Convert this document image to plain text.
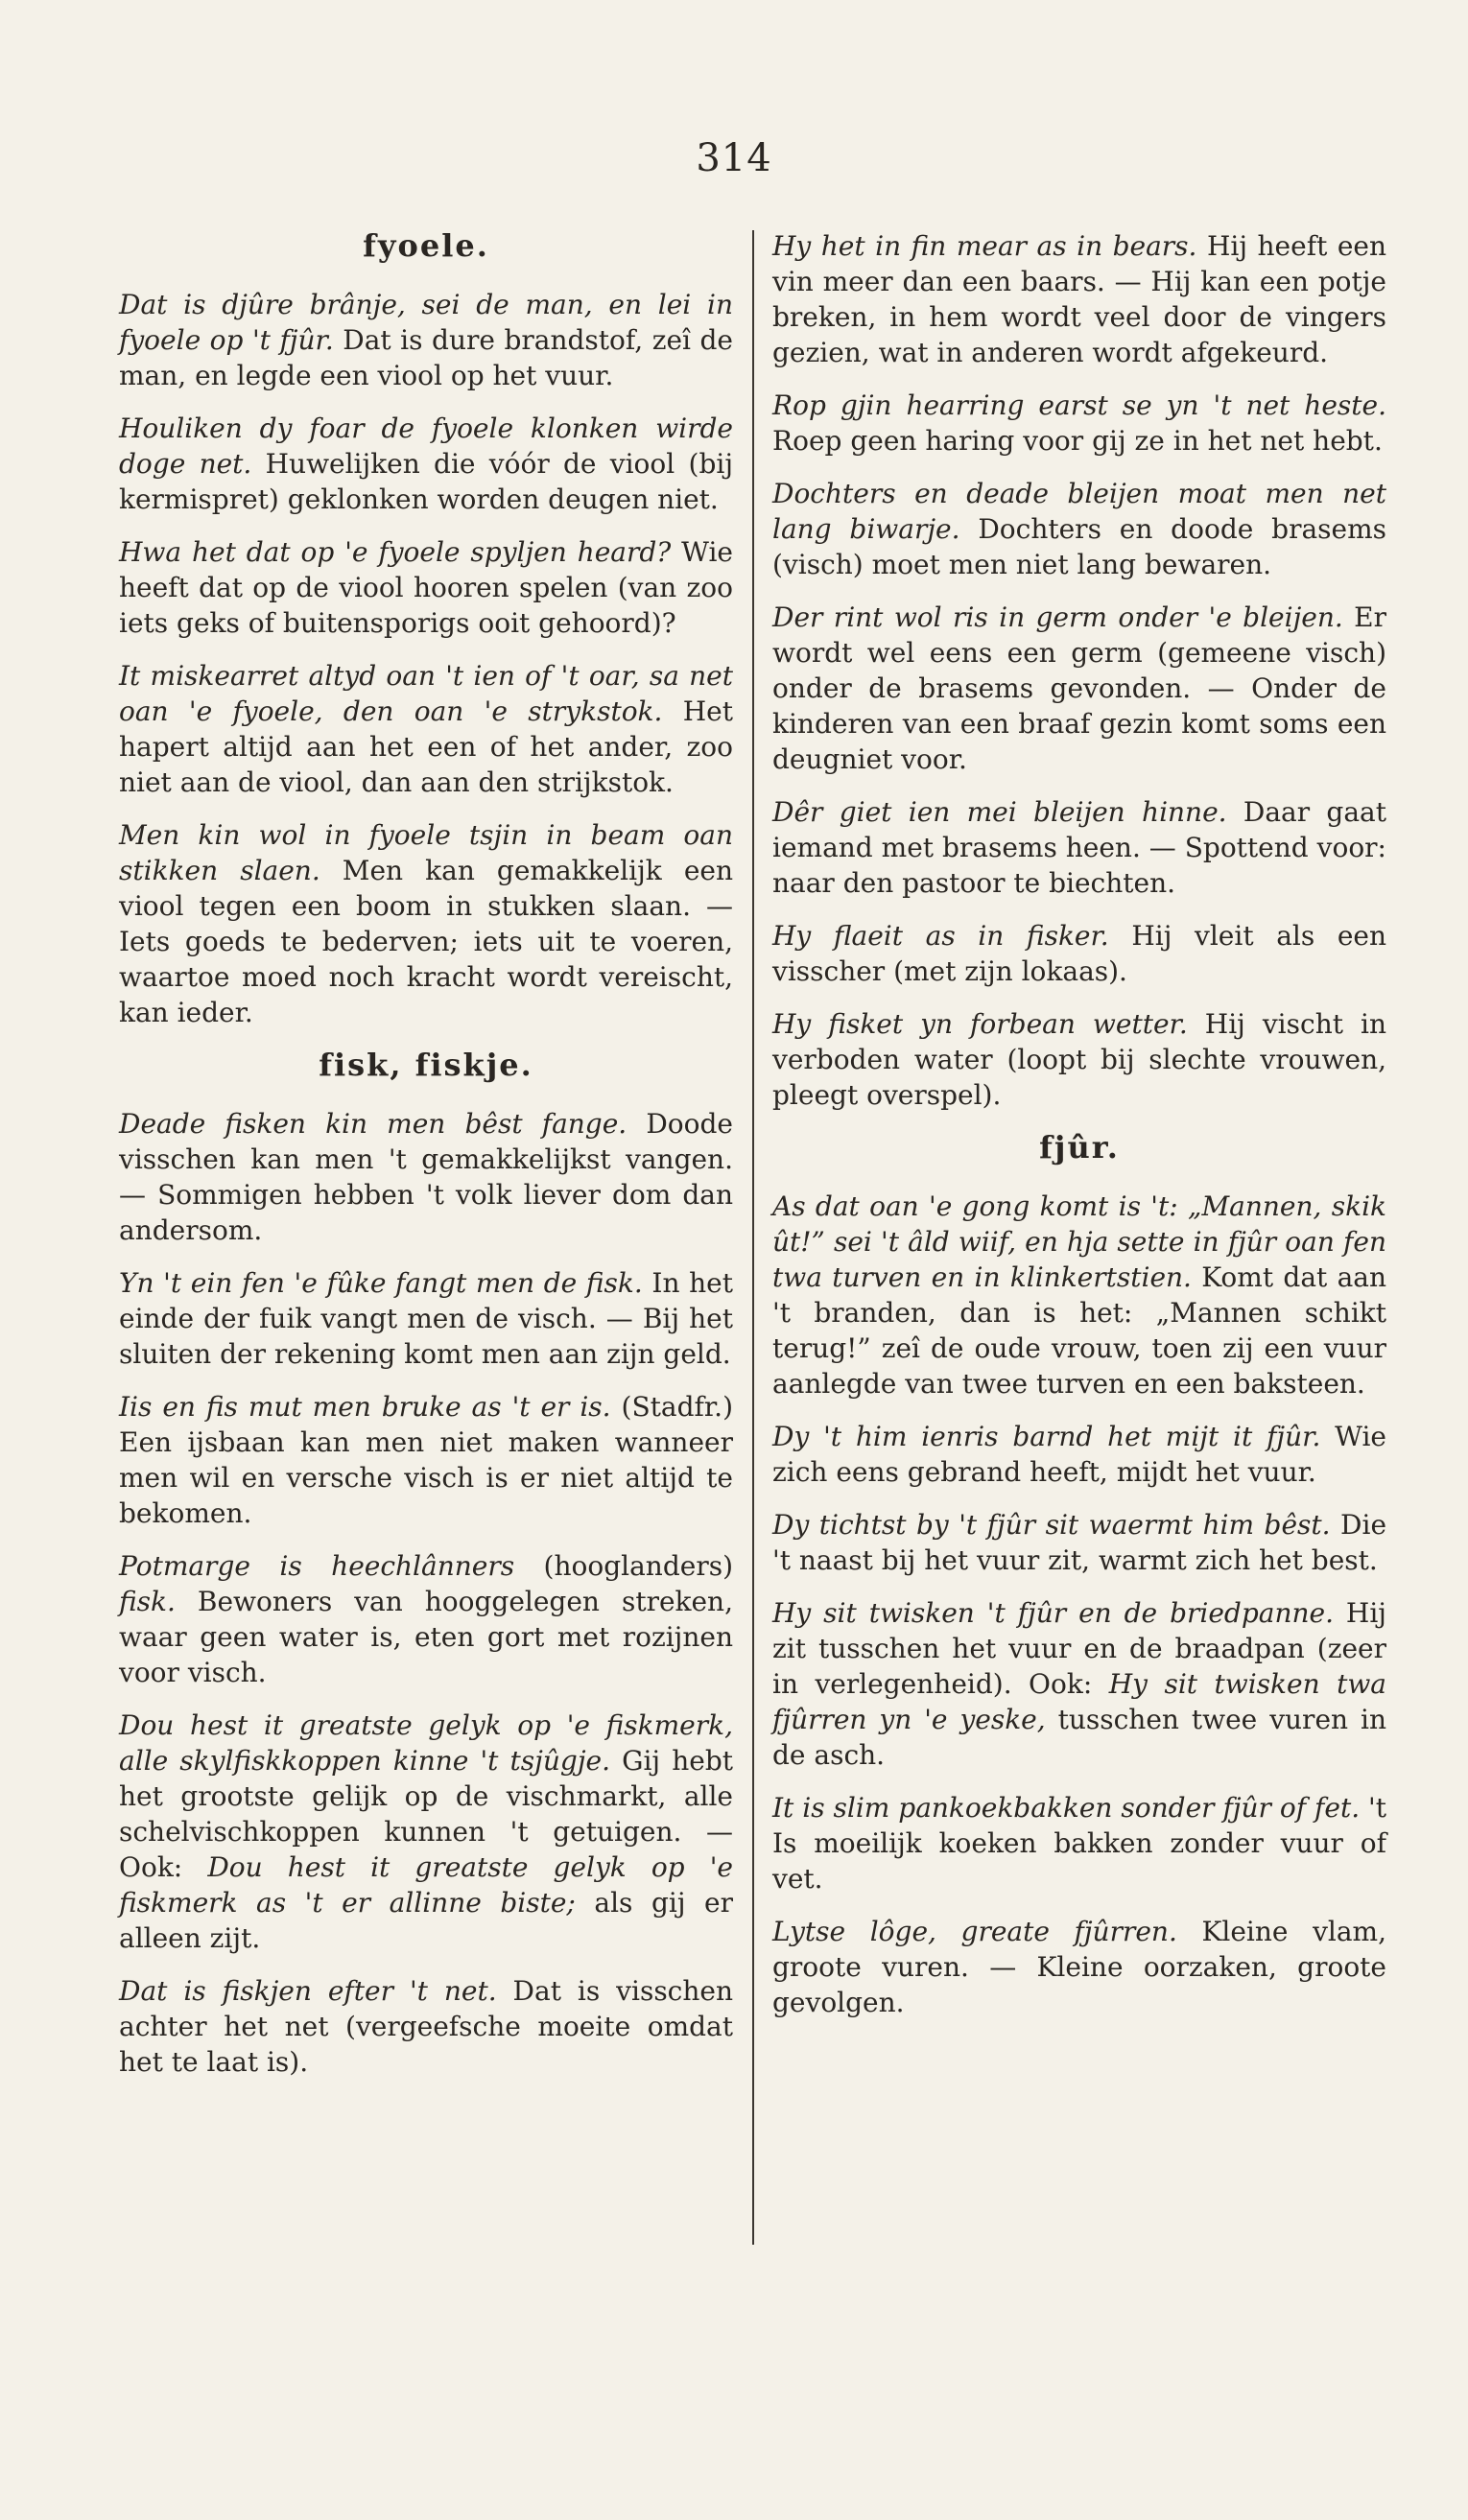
314
fyoele.
Dat is djûre brânje, sei de man, en lei in fyoele op 't fjûr. Dat is dure brandstof, zeî de man, en legde een viool op het vuur.
Houliken dy foar de fyoele klonken wirde doge net. Huwelijken die vóór de viool (bij kermispret) geklonken worden deugen niet.
Hwa het dat op 'e fyoele spyljen heard? Wie heeft dat op de viool hooren spelen (van zoo iets geks of buitensporigs ooit gehoord)?
It miskearret altyd oan 't ien of 't oar, sa net oan 'e fyoele, den oan 'e strykstok. Het hapert altijd aan het een of het ander, zoo niet aan de viool, dan aan den strijkstok.
Men kin wol in fyoele tsjin in beam oan stikken slaen. Men kan gemakkelijk een viool tegen een boom in stukken slaan. — Iets goeds te bederven; iets uit te voeren, waartoe moed noch kracht wordt vereischt, kan ieder.
fisk, fiskje.
Deade fisken kin men bêst fange. Doode visschen kan men 't gemakkelijkst vangen. — Sommigen hebben 't volk liever dom dan andersom.
Yn 't ein fen 'e fûke fangt men de fisk. In het einde der fuik vangt men de visch. — Bij het sluiten der rekening komt men aan zijn geld.
Iis en fis mut men bruke as 't er is. (Stadfr.) Een ijsbaan kan men niet maken wanneer men wil en versche visch is er niet altijd te bekomen.
Potmarge is heechlânners (hooglanders) fisk. Bewoners van hooggelegen streken, waar geen water is, eten gort met rozijnen voor visch.
Dou hest it greatste gelyk op 'e fiskmerk, alle skylfiskkoppen kinne 't tsjûgje. Gij hebt het grootste gelijk op de vischmarkt, alle schelvischkoppen kunnen 't getuigen. — Ook: Dou hest it greatste gelyk op 'e fiskmerk as 't er allinne biste; als gij er alleen zijt.
Dat is fiskjen efter 't net. Dat is visschen achter het net (vergeefsche moeite omdat het te laat is).
Hy het in fin mear as in bears. Hij heeft een vin meer dan een baars. — Hij kan een potje breken, in hem wordt veel door de vingers gezien, wat in anderen wordt afgekeurd.
Rop gjin hearring earst se yn 't net heste. Roep geen haring voor gij ze in het net hebt.
Dochters en deade bleijen moat men net lang biwarje. Dochters en doode brasems (visch) moet men niet lang bewaren.
Der rint wol ris in germ onder 'e bleijen. Er wordt wel eens een germ (gemeene visch) onder de brasems gevonden. — Onder de kinderen van een braaf gezin komt soms een deugniet voor.
Dêr giet ien mei bleijen hinne. Daar gaat iemand met brasems heen. — Spottend voor: naar den pastoor te biechten.
Hy flaeit as in fisker. Hij vleit als een visscher (met zijn lokaas).
Hy fisket yn forbean wetter. Hij vischt in verboden water (loopt bij slechte vrouwen, pleegt overspel).
fjûr.
As dat oan 'e gong komt is 't: „Mannen, skik ût!” sei 't âld wiif, en hja sette in fjûr oan fen twa turven en in klinkertstien. Komt dat aan 't branden, dan is het: „Mannen schikt terug!” zeî de oude vrouw, toen zij een vuur aanlegde van twee turven en een baksteen.
Dy 't him ienris barnd het mijt it fjûr. Wie zich eens gebrand heeft, mijdt het vuur.
Dy tichtst by 't fjûr sit waermt him bêst. Die 't naast bij het vuur zit, warmt zich het best.
Hy sit twisken 't fjûr en de briedpanne. Hij zit tusschen het vuur en de braadpan (zeer in verlegenheid). Ook: Hy sit twisken twa fjûrren yn 'e yeske, tusschen twee vuren in de asch.
It is slim pankoekbakken sonder fjûr of fet. 't Is moeilijk koeken bakken zonder vuur of vet.
Lytse lôge, greate fjûrren. Kleine vlam, groote vuren. — Kleine oorzaken, groote gevolgen.
